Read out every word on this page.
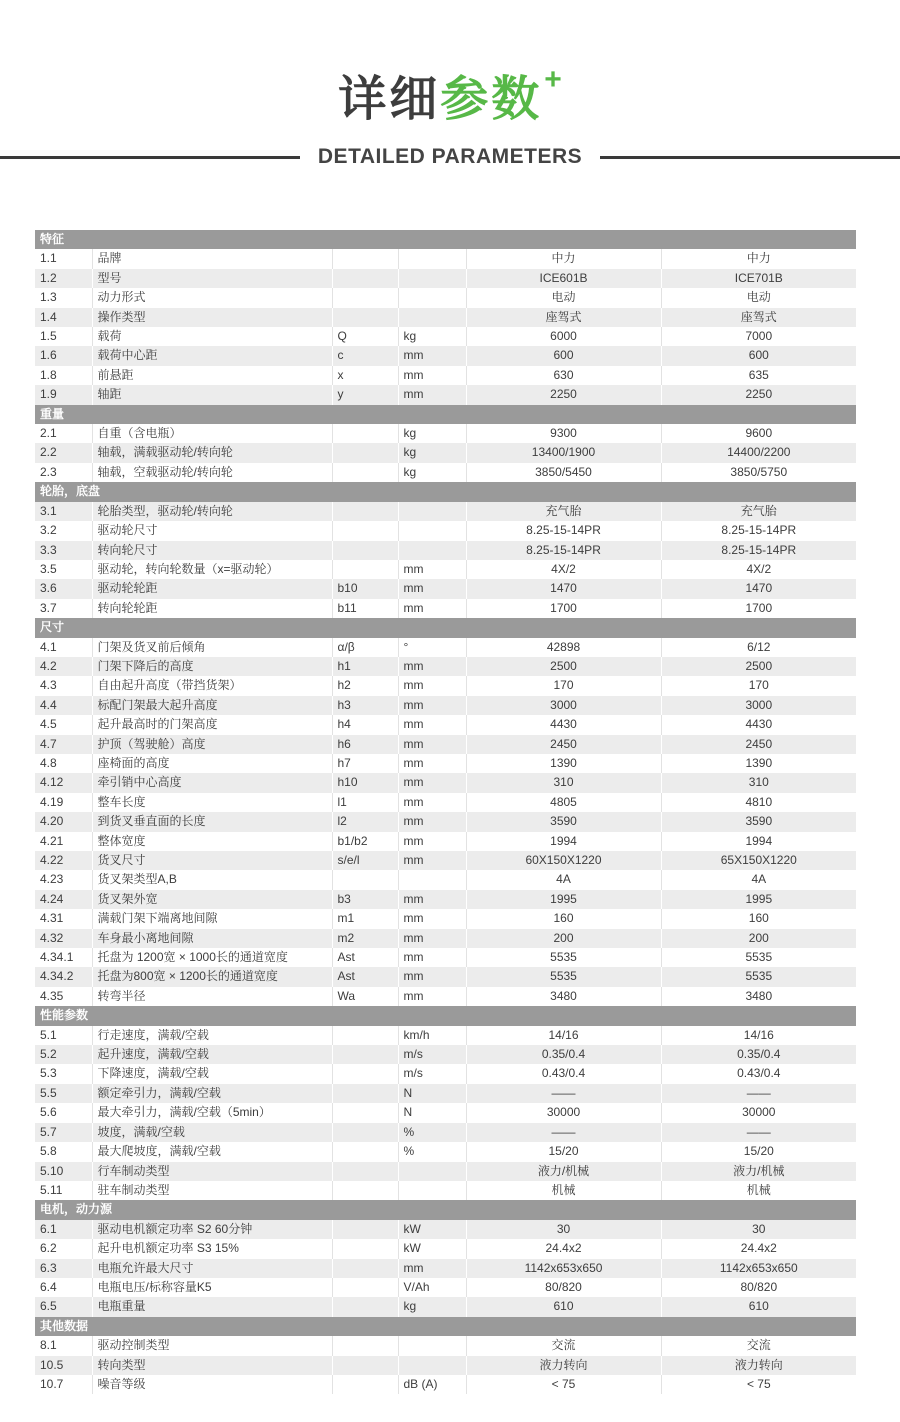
详细参数+
DETAILED PARAMETERS
特征					
1.1	品牌			中力	中力
1.2	型号			ICE601B	ICE701B
1.3	动力形式			电动	电动
1.4	操作类型			座驾式	座驾式
1.5	载荷	Q	kg	6000	7000
1.6	载荷中心距	c	mm	600	600
1.8	前悬距	x	mm	630	635
1.9	轴距	y	mm	2250	2250
重量					
2.1	自重（含电瓶）		kg	9300	9600
2.2	轴载，满载驱动轮/转向轮		kg	13400/1900	14400/2200
2.3	轴载，空载驱动轮/转向轮		kg	3850/5450	3850/5750
轮胎，底盘					
3.1	轮胎类型，驱动轮/转向轮			充气胎	充气胎
3.2	驱动轮尺寸			8.25-15-14PR	8.25-15-14PR
3.3	转向轮尺寸			8.25-15-14PR	8.25-15-14PR
3.5	驱动轮，转向轮数量（x=驱动轮）		mm	4X/2	4X/2
3.6	驱动轮轮距	b10	mm	1470	1470
3.7	转向轮轮距	b11	mm	1700	1700
尺寸					
4.1	门架及货叉前后倾角	α/β	°	42898	6/12
4.2	门架下降后的高度	h1	mm	2500	2500
4.3	自由起升高度（带挡货架）	h2	mm	170	170
4.4	标配门架最大起升高度	h3	mm	3000	3000
4.5	起升最高时的门架高度	h4	mm	4430	4430
4.7	护顶（驾驶舱）高度	h6	mm	2450	2450
4.8	座椅面的高度	h7	mm	1390	1390
4.12	牵引销中心高度	h10	mm	310	310
4.19	整车长度	l1	mm	4805	4810
4.20	到货叉垂直面的长度	l2	mm	3590	3590
4.21	整体宽度	b1/b2	mm	1994	1994
4.22	货叉尺寸	s/e/l	mm	60X150X1220	65X150X1220
4.23	货叉架类型A,B			4A	4A
4.24	货叉架外宽	b3	mm	1995	1995
4.31	满载门架下端离地间隙	m1	mm	160	160
4.32	车身最小离地间隙	m2	mm	200	200
4.34.1	托盘为 1200宽 × 1000长的通道宽度	Ast	mm	5535	5535
4.34.2	托盘为800宽 × 1200长的通道宽度	Ast	mm	5535	5535
4.35	转弯半径	Wa	mm	3480	3480
性能参数					
5.1	行走速度，满载/空载		km/h	14/16	14/16
5.2	起升速度，满载/空载		m/s	0.35/0.4	0.35/0.4
5.3	下降速度，满载/空载		m/s	0.43/0.4	0.43/0.4
5.5	额定牵引力，满载/空载		N	——	——
5.6	最大牵引力，满载/空载（5min）		N	30000	30000
5.7	坡度，满载/空载		%	——	——
5.8	最大爬坡度，满载/空载		%	15/20	15/20
5.10	行车制动类型			液力/机械	液力/机械
5.11	驻车制动类型			机械	机械
电机，动力源					
6.1	驱动电机额定功率 S2 60分钟		kW	30	30
6.2	起升电机额定功率 S3 15%		kW	24.4x2	24.4x2
6.3	电瓶允许最大尺寸		mm	1142x653x650	1142x653x650
6.4	电瓶电压/标称容量K5		V/Ah	80/820	80/820
6.5	电瓶重量		kg	610	610
其他数据					
8.1	驱动控制类型			交流	交流
10.5	转向类型			液力转向	液力转向
10.7	噪音等级		dB (A)	< 75	< 75
